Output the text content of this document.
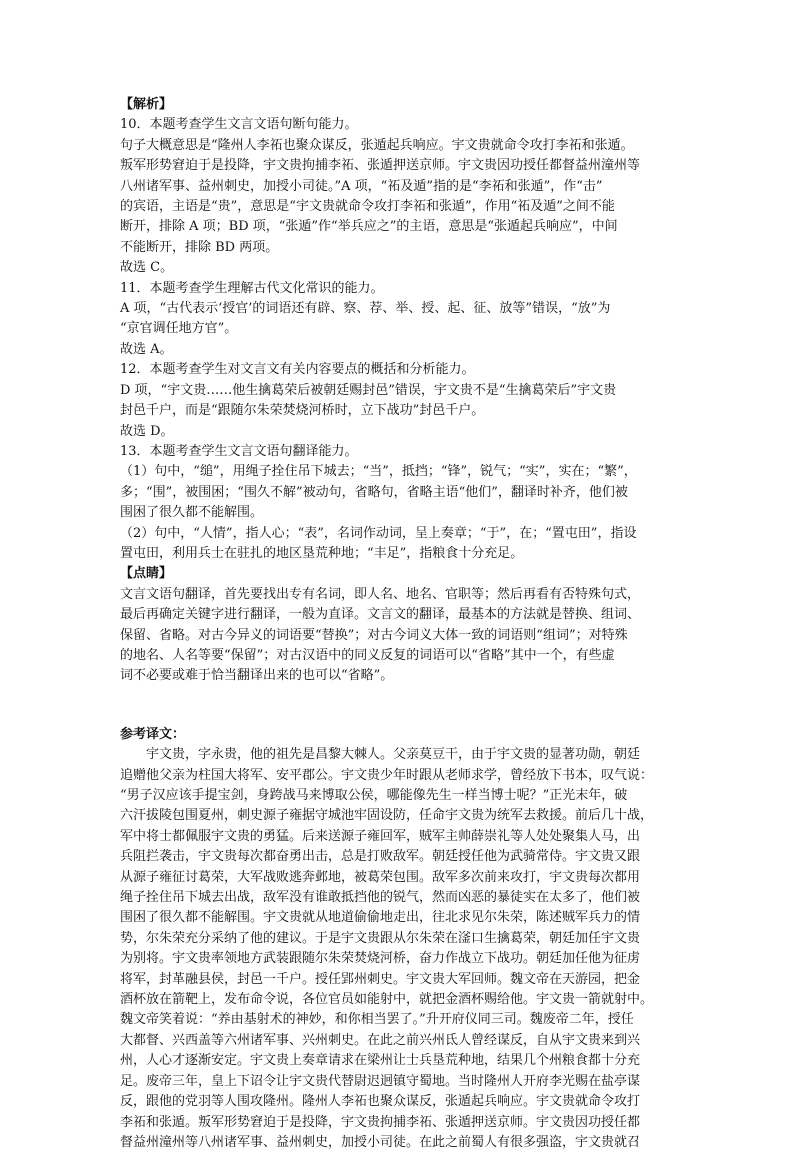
【解析】
10．本题考查学生文言文语句断句能力。
句子大概意思是“隆州人李祏也聚众谋反，张遁起兵响应。宇文贵就命令攻打李祏和张遁。
叛军形势窘迫于是投降，宇文贵拘捕李祏、张遁押送京师。宇文贵因功授任都督益州潼州等
八州诸军事、益州刺史，加授小司徒。”A 项，“祏及遁”指的是“李祏和张遁”，作“击”
的宾语，主语是“贵”，意思是“宇文贵就命令攻打李祏和张遁”，作用“祏及遁”之间不能
断开，排除 A 项；BD 项，“张遁”作“举兵应之”的主语，意思是“张遁起兵响应”，中间
不能断开，排除 BD 两项。
故选 C。
11．本题考查学生理解古代文化常识的能力。
A 项，“古代表示‘授官’的词语还有辟、察、荐、举、授、起、征、放等”错误，“放”为
“京官调任地方官”。
故选 A。
12．本题考查学生对文言文有关内容要点的概括和分析能力。
D 项，“宇文贵……他生擒葛荣后被朝廷赐封邑”错误，宇文贵不是“生擒葛荣后”宇文贵
封邑千户，而是“跟随尔朱荣焚烧河桥时，立下战功”封邑千户。
故选 D。
13．本题考查学生文言文语句翻译能力。
（1）句中，“缒”，用绳子拴住吊下城去；“当”，抵挡；“锋”，锐气；“实”，实在；“繁”，
多；“围”，被围困；“围久不解”被动句，省略句，省略主语“他们”，翻译时补齐，他们被
围困了很久都不能解围。
（2）句中，“人情”，指人心；“表”，名词作动词，呈上奏章；“于”，在；“置屯田”，指设
置屯田，利用兵士在驻扎的地区垦荒种地；“丰足”，指粮食十分充足。
【点睛】
文言文语句翻译，首先要找出专有名词，即人名、地名、官职等；然后再看有否特殊句式，
最后再确定关键字进行翻译，一般为直译。文言文的翻译，最基本的方法就是替换、组词、
保留、省略。对古今异义的词语要“替换”；对古今词义大体一致的词语则“组词”；对特殊
的地名、人名等要“保留”；对古汉语中的同义反复的词语可以“省略”其中一个，有些虚
词不必要或难于恰当翻译出来的也可以“省略”。
参考译文：
宇文贵，字永贵，他的祖先是昌黎大棘人。父亲莫豆干，由于宇文贵的显著功勋，朝廷
追赠他父亲为柱国大将军、安平郡公。宇文贵少年时跟从老师求学，曾经放下书本，叹气说：
“男子汉应该手提宝剑，身跨战马来博取公侯，哪能像先生一样当博士呢？”正光末年，破
六汗拔陵包围夏州，刺史源子雍据守城池牢固设防，任命宇文贵为统军去救援。前后几十战，
军中将士都佩服宇文贵的勇猛。后来送源子雍回军，贼军主帅薛崇礼等人处处聚集人马，出
兵阻拦袭击，宇文贵每次都奋勇出击，总是打败敌军。朝廷授任他为武骑常侍。宇文贵又跟
从源子雍征讨葛荣，大军战败逃奔邺地，被葛荣包围。敌军多次前来攻打，宇文贵每次都用
绳子拴住吊下城去出战，敌军没有谁敢抵挡他的锐气，然而凶恶的暴徒实在太多了，他们被
围困了很久都不能解围。宇文贵就从地道偷偷地走出，往北求见尔朱荣，陈述贼军兵力的情
势，尔朱荣充分采纳了他的建议。于是宇文贵跟从尔朱荣在滏口生擒葛荣，朝廷加任宇文贵
为别将。宇文贵率领地方武装跟随尔朱荣焚烧河桥，奋力作战立下战功。朝廷加任他为征虏
将军，封革融县侯，封邑一千户。授任郢州刺史。宇文贵大军回师。魏文帝在天游园，把金
酒杯放在箭靶上，发布命令说，各位官员如能射中，就把金酒杯赐给他。宇文贵一箭就射中。
魏文帝笑着说：“养由基射术的神妙，和你相当罢了。”升开府仪同三司。魏废帝二年，授任
大都督、兴西盖等六州诸军事、兴州刺史。在此之前兴州氐人曾经谋反，自从宇文贵来到兴
州，人心才逐渐安定。宇文贵上奏章请求在梁州让士兵垦荒种地，结果几个州粮食都十分充
足。废帝三年，皇上下诏令让宇文贵代替尉迟迥镇守蜀地。当时隆州人开府李光赐在盐亭谋
反，跟他的党羽等人围攻隆州。隆州人李祏也聚众谋反，张遁起兵响应。宇文贵就命令攻打
李祏和张遁。叛军形势窘迫于是投降，宇文贵拘捕李祏、张遁押送京师。宇文贵因功授任都
督益州潼州等八州诸军事、益州刺史，加授小司徒。在此之前蜀人有很多强盗，宇文贵就召
